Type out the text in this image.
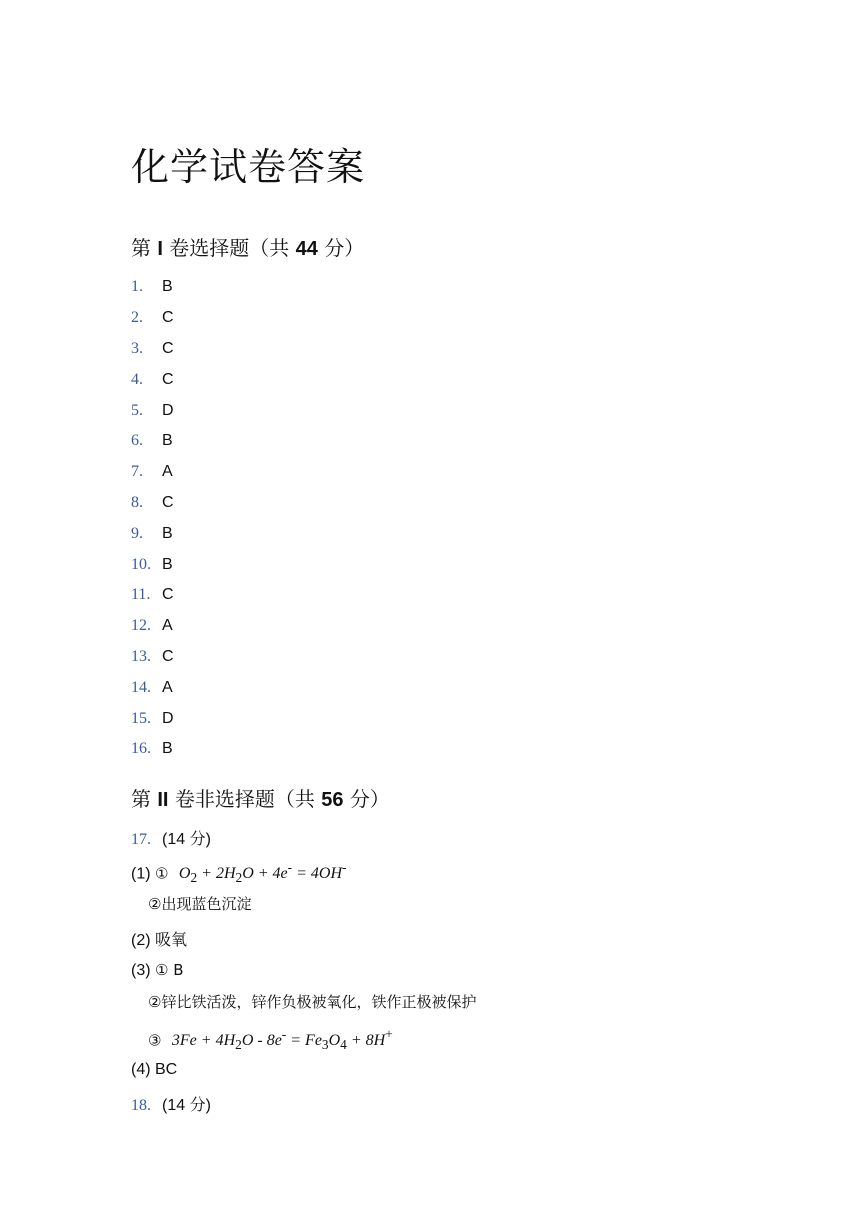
化学试卷答案
第 I 卷选择题（共 44 分）
1.	B
2.	C
3.	C
4.	C
5.	D
6.	B
7.	A
8.	C
9.	B
10. B
11. C
12. A
13. C
14. A
15. D
16. B
第 II 卷非选择题（共 56 分）
17. (14 分)
(1) ① $O_2 + 2H_2O + 4e^- = 4OH^-$
②出现蓝色沉淀
(2) 吸氧
(3) ① B
②锌比铁活泼，锌作负极被氧化，铁作正极被保护
③ $3Fe + 4H_2O - 8e^- = Fe_3O_4 + 8H^+$
(4) BC
18. (14 分)
